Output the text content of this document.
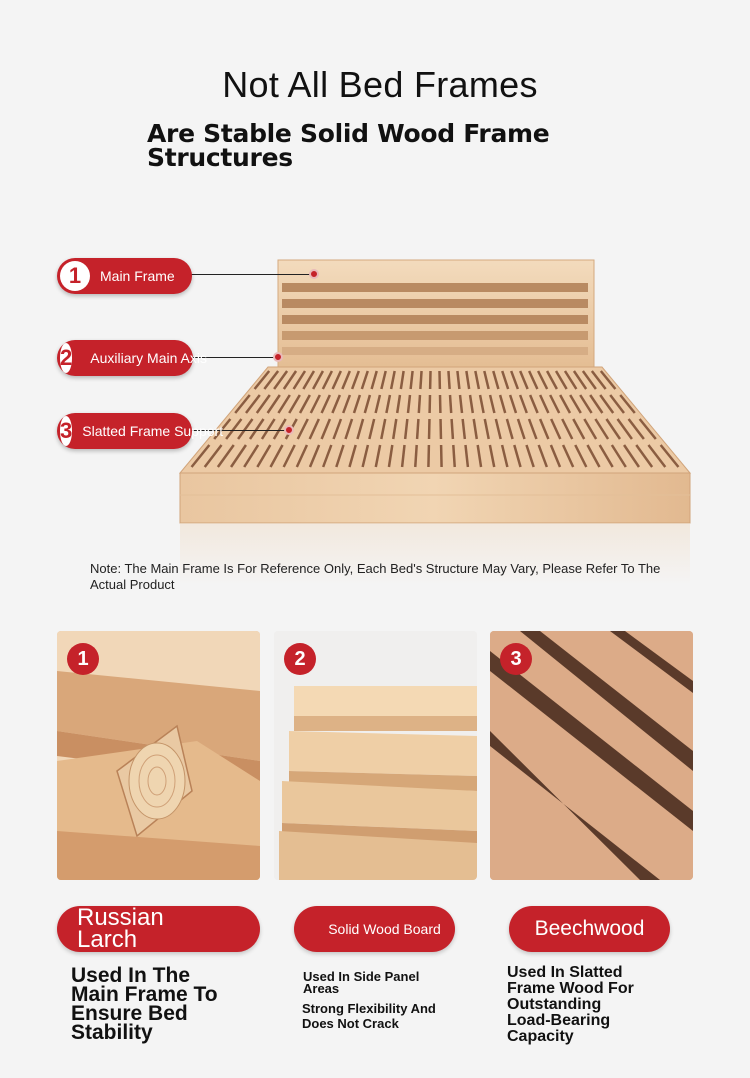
Not All Bed Frames
Are Stable Solid Wood Frame Structures
1	Main Frame
2 Auxiliary Main Axis
3 Slatted Frame Support
Note: The Main Frame Is For Reference Only, Each Bed's Structure May Vary, Please Refer To The Actual Product
1	2	3
Russian Larch	Solid Wood Board	Beechwood
Used In The Main Frame To Ensure Bed Stability
Used In Side Panel Areas
Strong Flexibility And Does Not Crack
Used In Slatted Frame Wood For Outstanding Load-Bearing Capacity
